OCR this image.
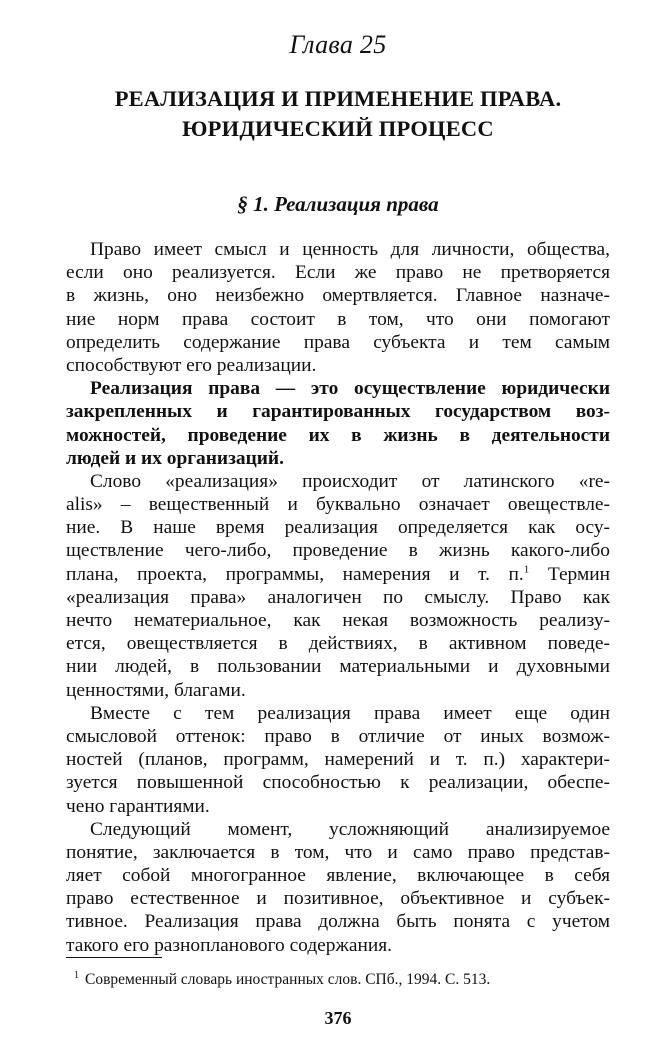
Глава 25
РЕАЛИЗАЦИЯ И ПРИМЕНЕНИЕ ПРАВА.
ЮРИДИЧЕСКИЙ ПРОЦЕСС
§ 1. Реализация права
Право имеет смысл и ценность для личности, общества,
если оно реализуется. Если же право не претворяется
в жизнь, оно неизбежно омертвляется. Главное назначе-
ние норм права состоит в том, что они помогают
определить содержание права субъекта и тем самым
способствуют его реализации.
Реализация права — это осуществление юридически
закрепленных и гарантированных государством воз-
можностей, проведение их в жизнь в деятельности
людей и их организаций.
Слово «реализация» происходит от латинского «re-
alis» – вещественный и буквально означает овеществле-
ние. В наше время реализация определяется как осу-
ществление чего-либо, проведение в жизнь какого-либо
плана, проекта, программы, намерения и т. п.$^1$ Термин
«реализация права» аналогичен по смыслу. Право как
нечто нематериальное, как некая возможность реализу-
ется, овеществляется в действиях, в активном поведе-
нии людей, в пользовании материальными и духовными
ценностями, благами.
Вместе с тем реализация права имеет еще один
смысловой оттенок: право в отличие от иных возмож-
ностей (планов, программ, намерений и т. п.) характери-
зуется повышенной способностью к реализации, обеспе-
чено гарантиями.
Следующий момент, усложняющий анализируемое
понятие, заключается в том, что и само право представ-
ляет собой многогранное явление, включающее в себя
право естественное и позитивное, объективное и субъек-
тивное. Реализация права должна быть понята с учетом
такого его разнопланового содержания.
$^1$ Современный словарь иностранных слов. СПб., 1994. С. 513.
376
